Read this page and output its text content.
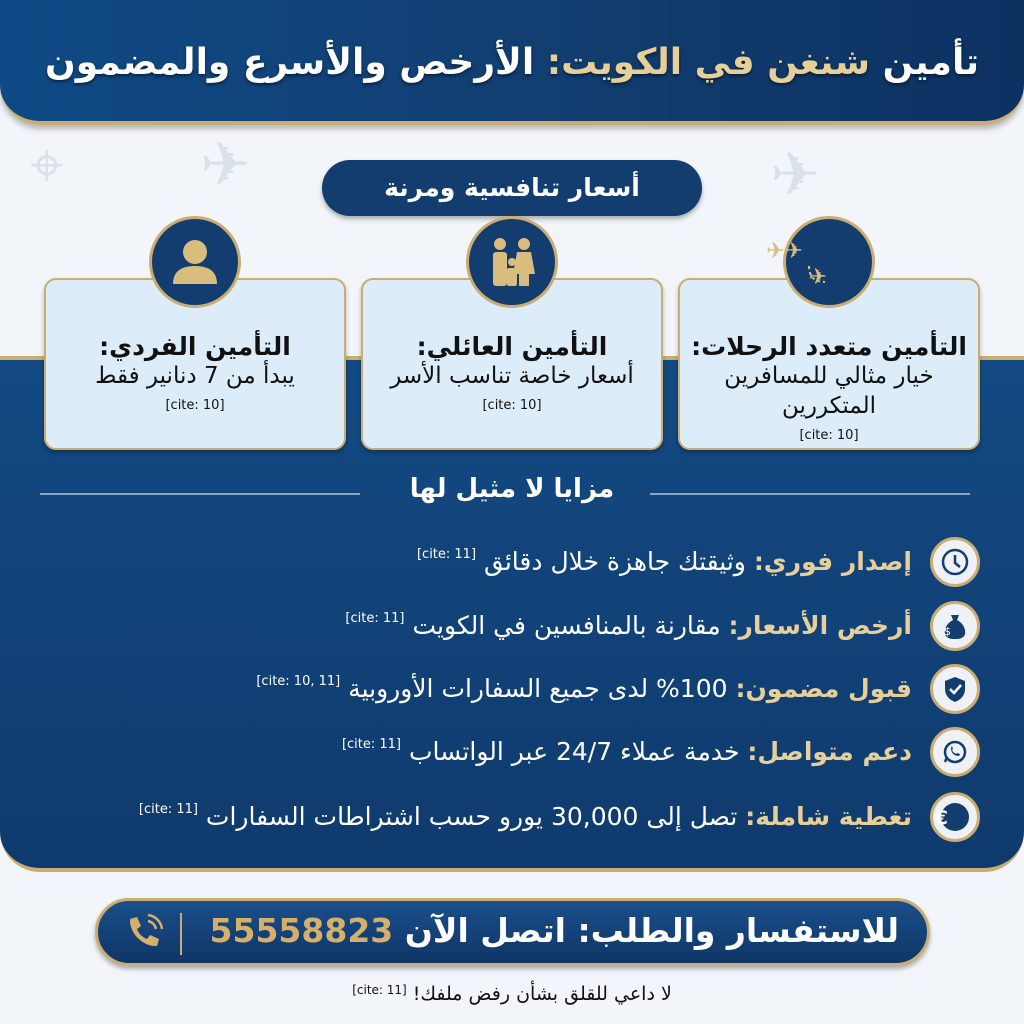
⌖ ✈	✈
تأمين شنغن في الكويت: الأرخص والأسرع والمضمون
أسعار تنافسية ومرنة
التأمين متعدد الرحلات:

خيار مثالي للمسافرين المتكررين

[cite: 10]

✈✈
✈
التأمين العائلي:

أسعار خاصة تناسب الأسر

[cite: 10]

التأمين الفردي:

يبدأ من 7 دنانير فقط

[cite: 10]

مزايا لا مثيل لها
إصدار فوري: وثيقتك جاهزة خلال دقائق [cite: 11]
$
أرخص الأسعار: مقارنة بالمنافسين في الكويت [cite: 11]
قبول مضمون: 100% لدى جميع السفارات الأوروبية [cite: 10, 11]
دعم متواصل: خدمة عملاء 24/7 عبر الواتساب [cite: 11]
€
تغطية شاملة: تصل إلى 30,000 يورو حسب اشتراطات السفارات [cite: 11]
للاستفسار والطلب: اتصل الآن 55558823
لا داعي للقلق بشأن رفض ملفك! [cite: 11]
